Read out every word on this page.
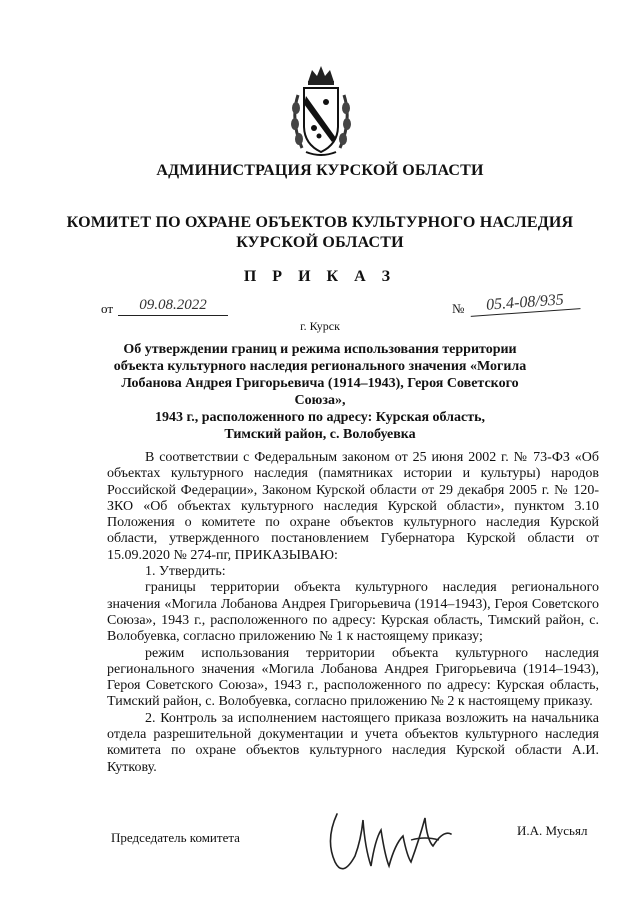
АДМИНИСТРАЦИЯ КУРСКОЙ ОБЛАСТИ
КОМИТЕТ ПО ОХРАНЕ ОБЪЕКТОВ КУЛЬТУРНОГО НАСЛЕДИЯ
КУРСКОЙ ОБЛАСТИ
П Р И К А З
от	09.08.2022	№	05.4-08/935
г. Курск
Об утверждении границ и режима использования территории
объекта культурного наследия регионального значения «Могила
Лобанова Андрея Григорьевича (1914–1943), Героя Советского Союза»,
1943 г., расположенного по адресу: Курская область,
Тимский район, с. Волобуевка

В соответствии с Федеральным законом от 25 июня 2002 г. № 73-ФЗ «Об объектах культурного наследия (памятниках истории и культуры) народов Российской Федерации», Законом Курской области от 29 декабря 2005 г. № 120-ЗКО «Об объектах культурного наследия Курской области», пунктом 3.10 Положения о комитете по охране объектов культурного наследия Курской области, утвержденного постановлением Губернатора Курской области от 15.09.2020 № 274-пг, ПРИКАЗЫВАЮ:

1. Утвердить:

границы территории объекта культурного наследия регионального значения «Могила Лобанова Андрея Григорьевича (1914–1943), Героя Советского Союза», 1943 г., расположенного по адресу: Курская область, Тимский район, с. Волобуевка, согласно приложению № 1 к настоящему приказу;

режим использования территории объекта культурного наследия регионального значения «Могила Лобанова Андрея Григорьевича (1914–1943), Героя Советского Союза», 1943 г., расположенного по адресу: Курская область, Тимский район, с. Волобуевка, согласно приложению № 2 к настоящему приказу.

2. Контроль за исполнением настоящего приказа возложить на начальника отдела разрешительной документации и учета объектов культурного наследия комитета по охране объектов культурного наследия Курской области А.И. Куткову.

Председатель комитета	И.А. Мусьял
